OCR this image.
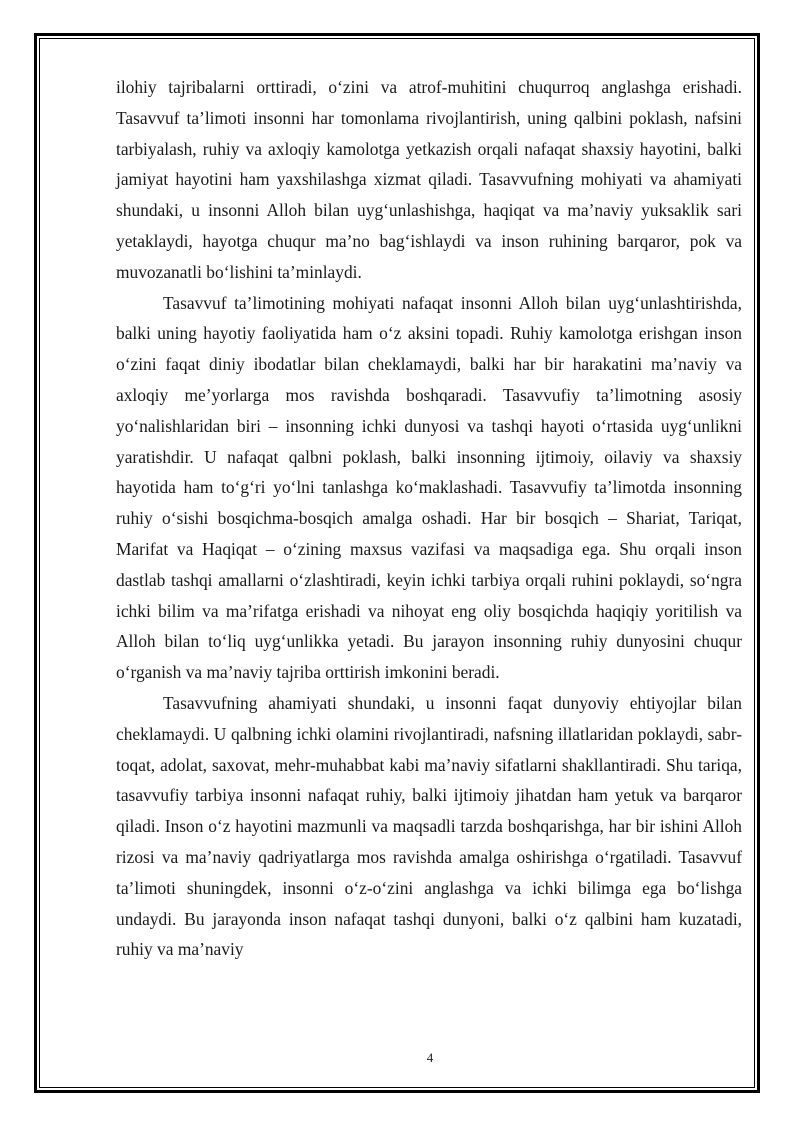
ilohiy tajribalarni orttiradi, o‘zini va atrof-muhitini chuqurroq anglashga erishadi. Tasavvuf ta’limoti insonni har tomonlama rivojlantirish, uning qalbini poklash, nafsini tarbiyalash, ruhiy va axloqiy kamolotga yetkazish orqali nafaqat shaxsiy hayotini, balki jamiyat hayotini ham yaxshilashga xizmat qiladi. Tasavvufning mohiyati va ahamiyati shundaki, u insonni Alloh bilan uyg‘unlashishga, haqiqat va ma’naviy yuksaklik sari yetaklaydi, hayotga chuqur ma’no bag‘ishlaydi va inson ruhining barqaror, pok va muvozanatli bo‘lishini ta’minlaydi.

Tasavvuf ta’limotining mohiyati nafaqat insonni Alloh bilan uyg‘unlashtirishda, balki uning hayotiy faoliyatida ham o‘z aksini topadi. Ruhiy kamolotga erishgan inson o‘zini faqat diniy ibodatlar bilan cheklamaydi, balki har bir harakatini ma’naviy va axloqiy me’yorlarga mos ravishda boshqaradi. Tasavvufiy ta’limotning asosiy yo‘nalishlaridan biri – insonning ichki dunyosi va tashqi hayoti o‘rtasida uyg‘unlikni yaratishdir. U nafaqat qalbni poklash, balki insonning ijtimoiy, oilaviy va shaxsiy hayotida ham to‘g‘ri yo‘lni tanlashga ko‘maklashadi. Tasavvufiy ta’limotda insonning ruhiy o‘sishi bosqichma-bosqich amalga oshadi. Har bir bosqich – Shariat, Tariqat, Marifat va Haqiqat – o‘zining maxsus vazifasi va maqsadiga ega. Shu orqali inson dastlab tashqi amallarni o‘zlashtiradi, keyin ichki tarbiya orqali ruhini poklaydi, so‘ngra ichki bilim va ma’rifatga erishadi va nihoyat eng oliy bosqichda haqiqiy yoritilish va Alloh bilan to‘liq uyg‘unlikka yetadi. Bu jarayon insonning ruhiy dunyosini chuqur o‘rganish va ma’naviy tajriba orttirish imkonini beradi.

Tasavvufning ahamiyati shundaki, u insonni faqat dunyoviy ehtiyojlar bilan cheklamaydi. U qalbning ichki olamini rivojlantiradi, nafsning illatlaridan poklaydi, sabr-toqat, adolat, saxovat, mehr-muhabbat kabi ma’naviy sifatlarni shakllantiradi. Shu tariqa, tasavvufiy tarbiya insonni nafaqat ruhiy, balki ijtimoiy jihatdan ham yetuk va barqaror qiladi. Inson o‘z hayotini mazmunli va maqsadli tarzda boshqarishga, har bir ishini Alloh rizosi va ma’naviy qadriyatlarga mos ravishda amalga oshirishga o‘rgatiladi. Tasavvuf ta’limoti shuningdek, insonni o‘z-o‘zini anglashga va ichki bilimga ega bo‘lishga undaydi. Bu jarayonda inson nafaqat tashqi dunyoni, balki o‘z qalbini ham kuzatadi, ruhiy va ma’naviy

4
